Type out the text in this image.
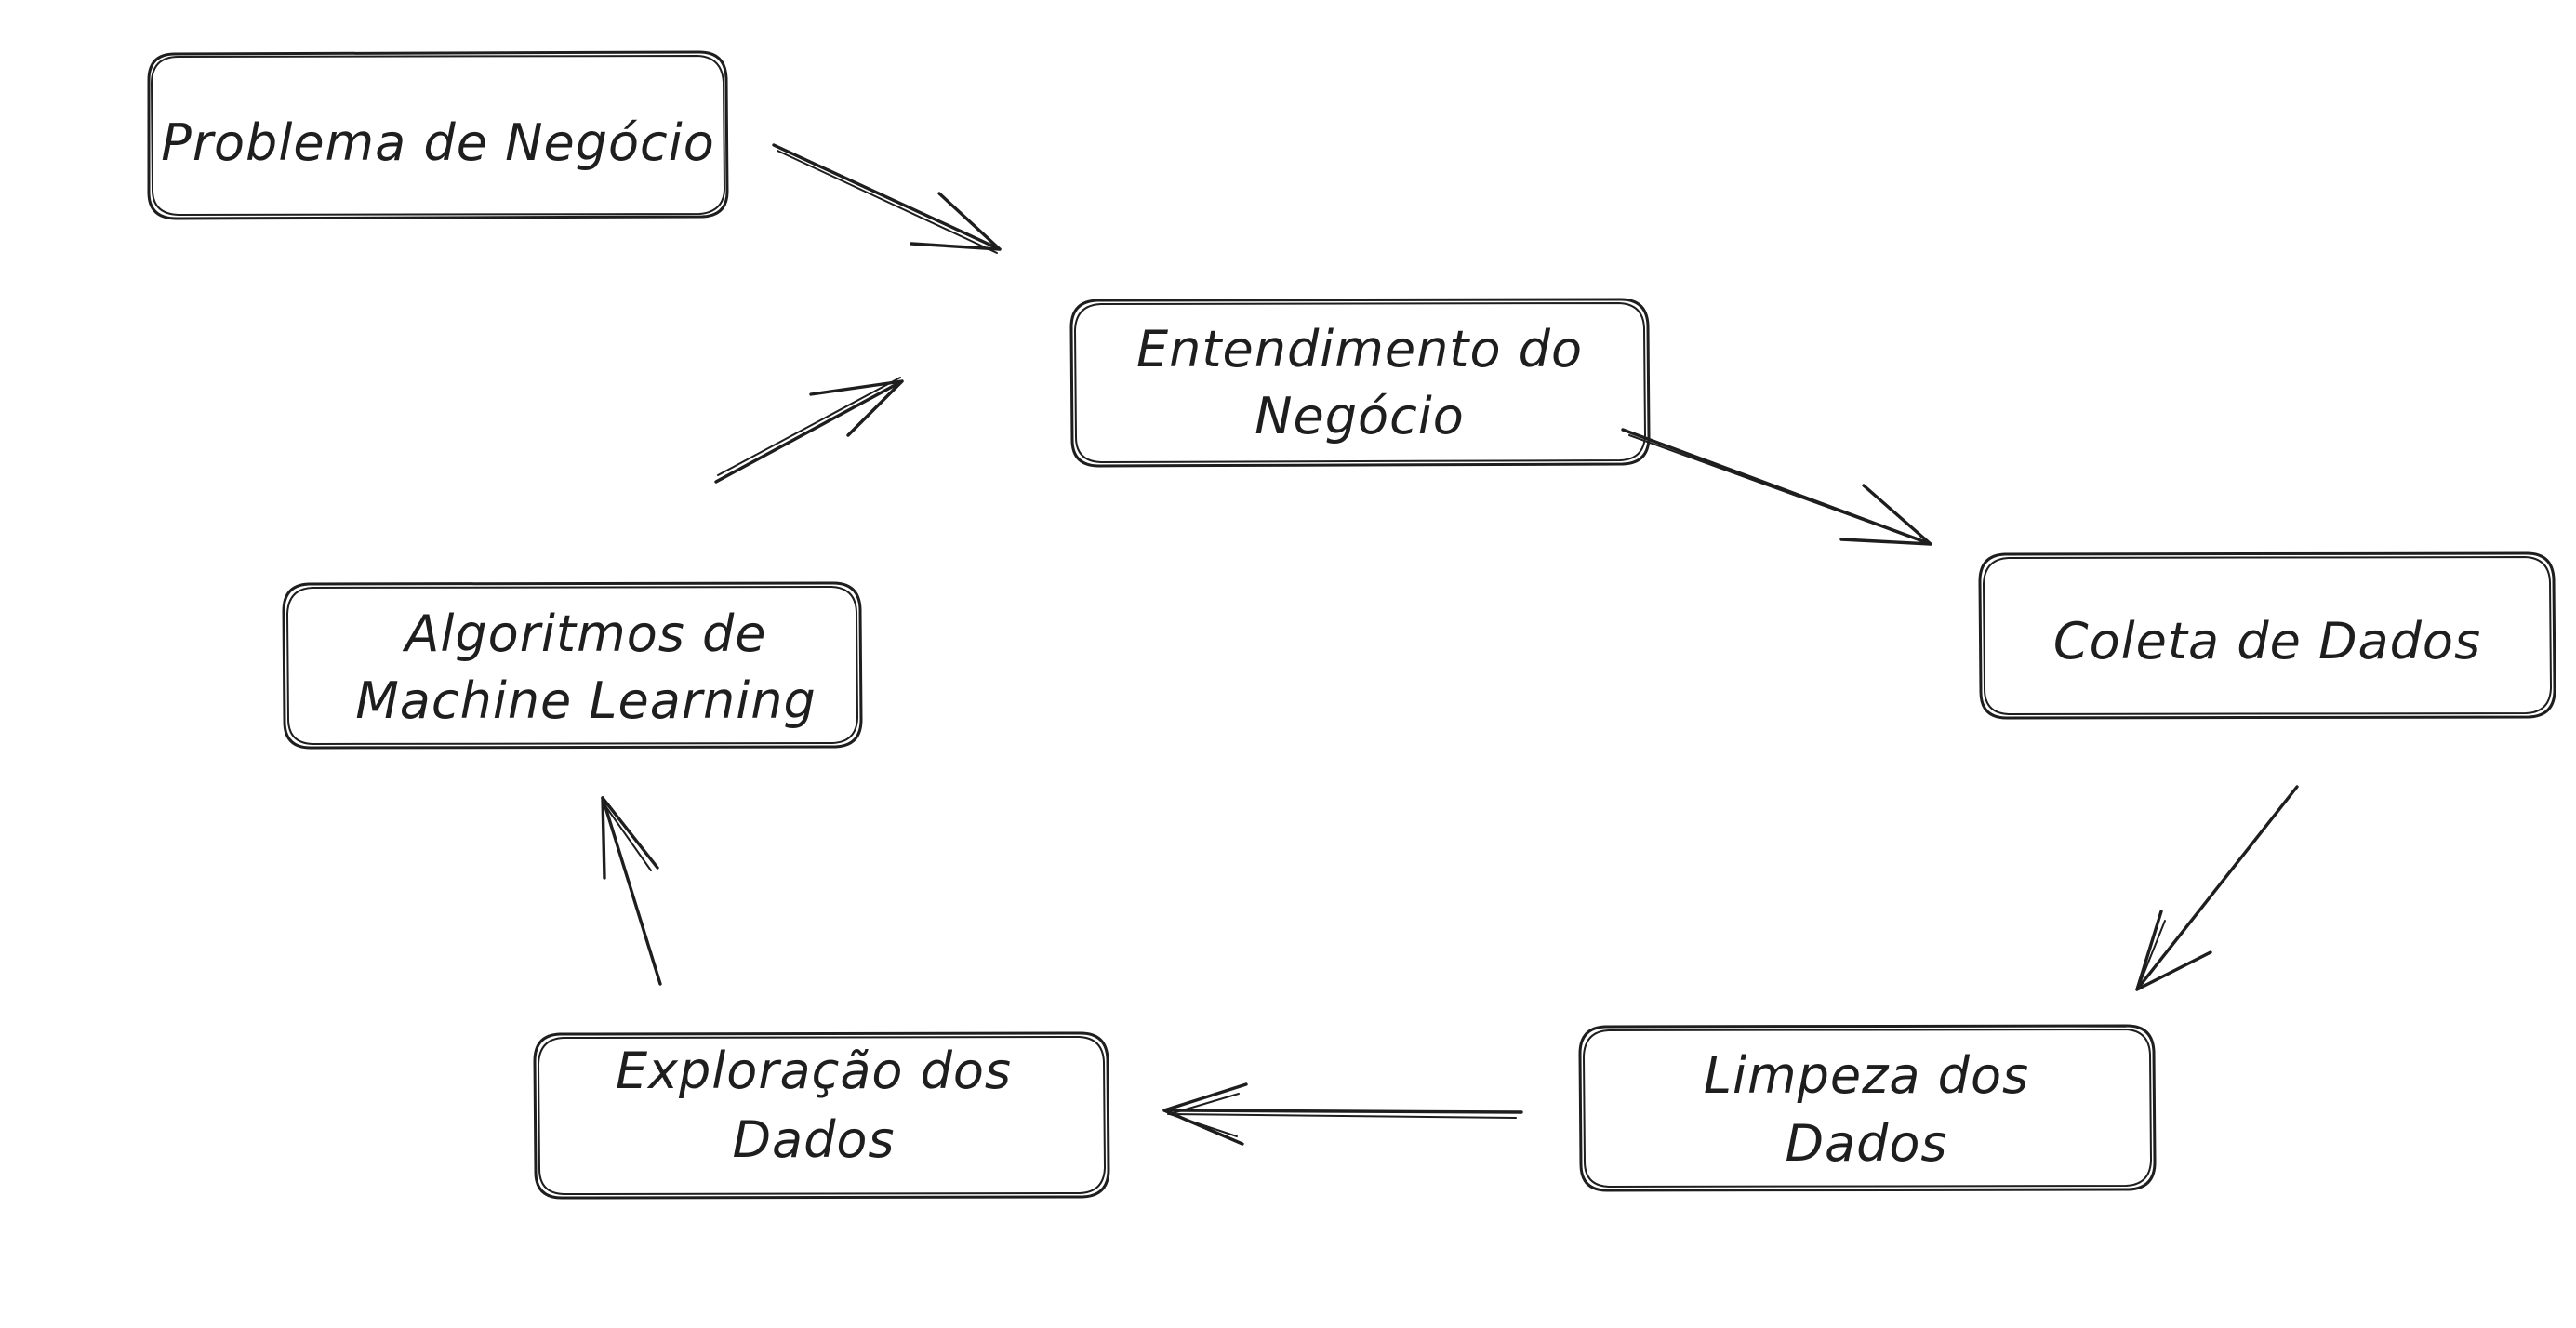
Problema de Negócio
Entendimento do
Negócio
Coleta de Dados
Limpeza dos
Dados
Exploração dos
Dados
Algoritmos de
Machine Learning
